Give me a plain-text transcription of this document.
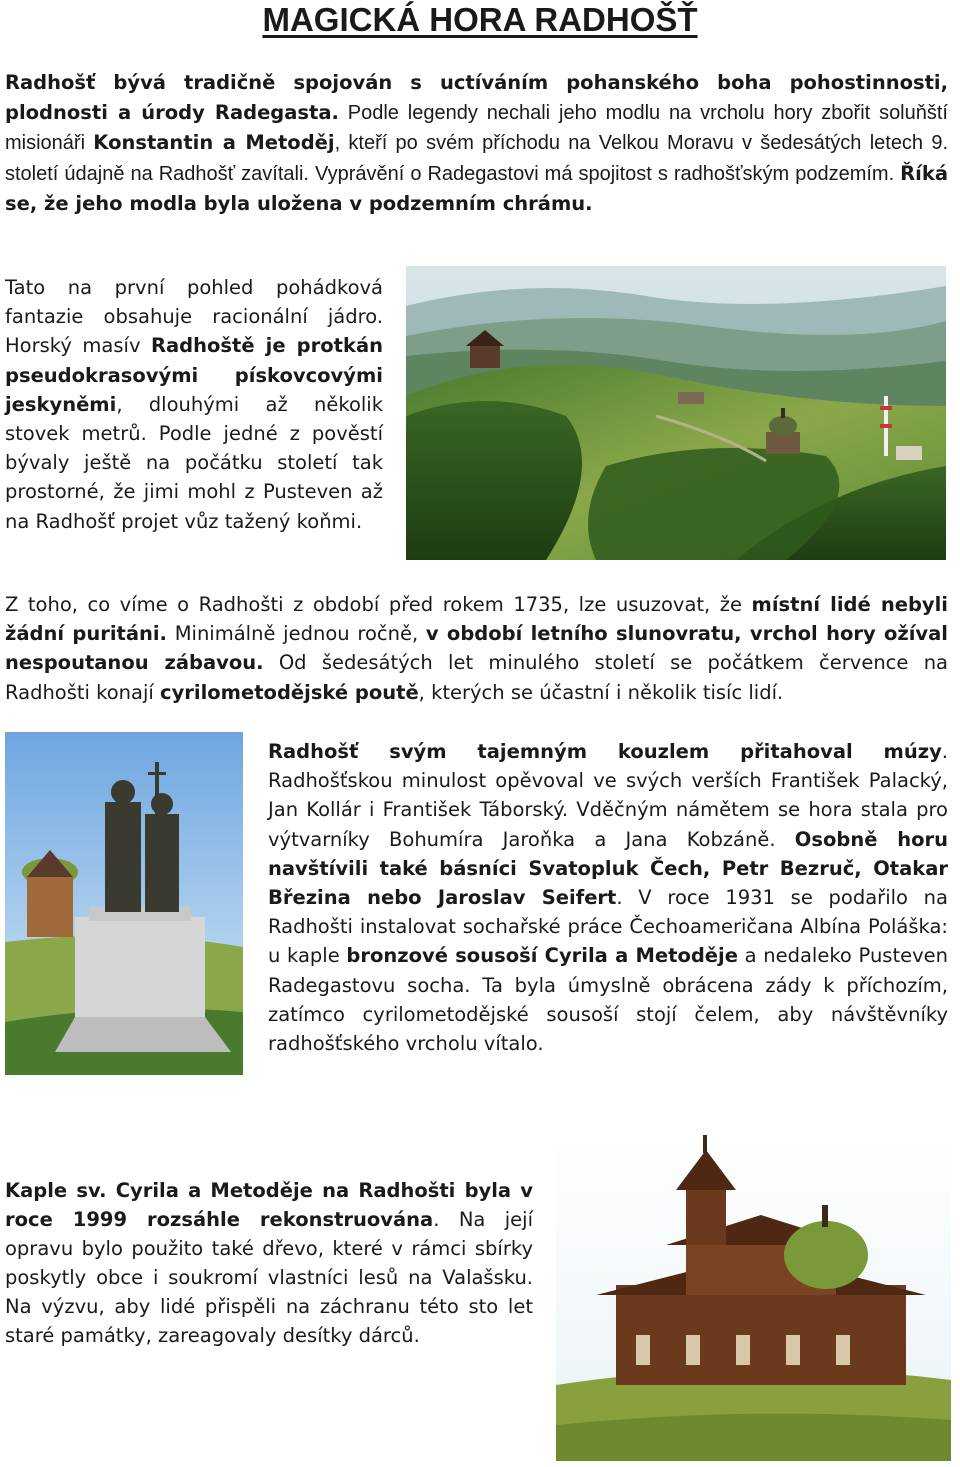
MAGICKÁ HORA RADHOŠŤ

Radhošť bývá tradičně spojován s uctíváním pohanského boha pohostinnosti, plodnosti a úrody Radegasta. Podle legendy nechali jeho modlu na vrcholu hory zbořit soluňští misionáři Konstantin a Metoděj, kteří po svém příchodu na Velkou Moravu v šedesátých letech 9. století údajně na Radhošť zavítali. Vyprávění o Radegastovi má spojitost s radhošťským podzemím. Říká se, že jeho modla byla uložena v podzemním chrámu.

Tato na první pohled pohádková fantazie obsahuje racionální jádro. Horský masív Radhoště je protkán pseudokrasovými pískovcovými jeskyněmi, dlouhými až několik stovek metrů. Podle jedné z pověstí bývaly ještě na počátku století tak prostorné, že jimi mohl z Pusteven až na Radhošť projet vůz tažený koňmi.

Z toho, co víme o Radhošti z období před rokem 1735, lze usuzovat, že místní lidé nebyli žádní puritáni. Minimálně jednou ročně, v období letního slunovratu, vrchol hory ožíval nespoutanou zábavou. Od šedesátých let minulého století se počátkem července na Radhošti konají cyrilometodějské poutě, kterých se účastní i několik tisíc lidí.

Radhošť svým tajemným kouzlem přitahoval múzy. Radhošťskou minulost opěvoval ve svých verších František Palacký, Jan Kollár i František Táborský. Vděčným námětem se hora stala pro výtvarníky Bohumíra Jaroňka a Jana Kobzáně. Osobně horu navštívili také básníci Svatopluk Čech, Petr Bezruč, Otakar Březina nebo Jaroslav Seifert. V roce 1931 se podařilo na Radhošti instalovat sochařské práce Čechoameričana Albína Poláška: u kaple bronzové sousoší Cyrila a Metoděje a nedaleko Pusteven Radegastovu socha. Ta byla úmyslně obrácena zády k příchozím, zatímco cyrilometodějské sousoší stojí čelem, aby návštěvníky radhošťského vrcholu vítalo.

Kaple sv. Cyrila a Metoděje na Radhošti byla v roce 1999 rozsáhle rekonstruována. Na její opravu bylo použito také dřevo, které v rámci sbírky poskytly obce i soukromí vlastníci lesů na Valašsku. Na výzvu, aby lidé přispěli na záchranu této sto let staré památky, zareagovaly desítky dárců.
